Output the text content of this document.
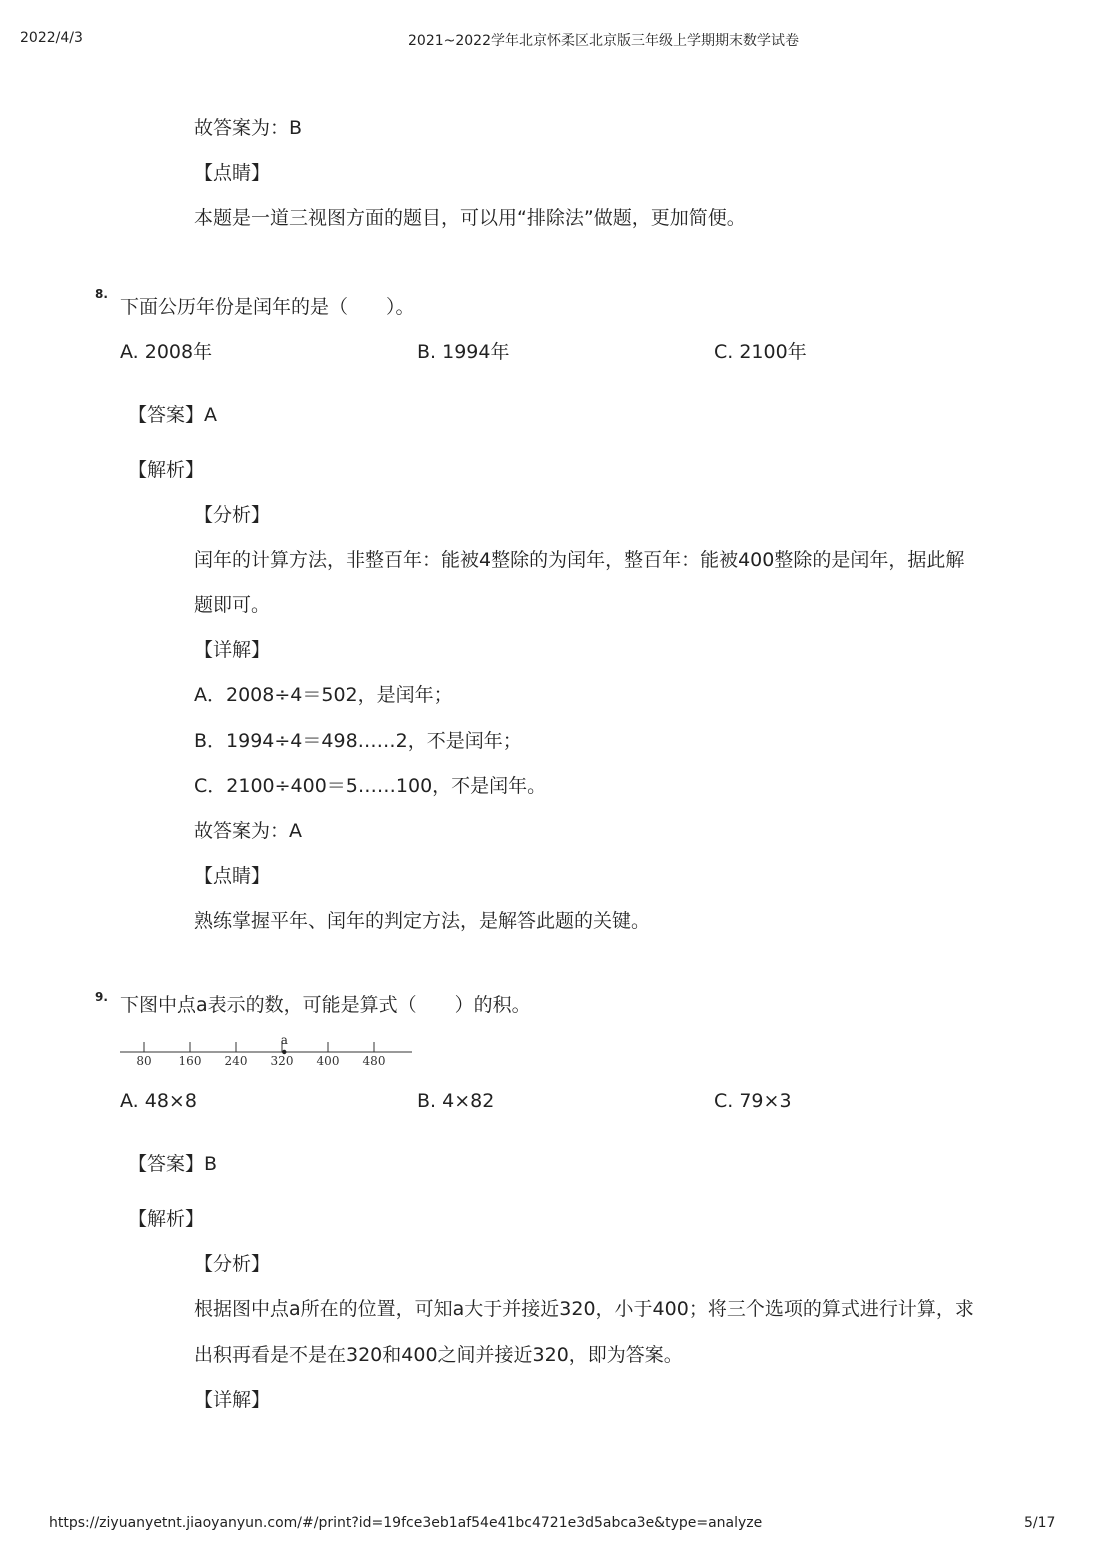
2022/4/3	2021~2022学年北京怀柔区北京版三年级上学期期末数学试卷
故答案为：B
【点睛】
本题是一道三视图方面的题目，可以用“排除法”做题，更加简便。
8.
下面公历年份是闰年的是（　　）。
A. 2008年	B. 1994年	C. 2100年
【答案】A
【解析】
【分析】
闰年的计算方法，非整百年：能被4整除的为闰年，整百年：能被400整除的是闰年，据此解
题即可。
【详解】
A．2008÷4＝502，是闰年；
B．1994÷4＝498……2，不是闰年；
C．2100÷400＝5……100，不是闰年。
故答案为：A
【点睛】
熟练掌握平年、闰年的判定方法，是解答此题的关键。
9. 下图中点a表示的数，可能是算式（　　）的积。
80 160 240 320 400 480
a
A. 48×8	B. 4×82	C. 79×3
【答案】B
【解析】
【分析】
根据图中点a所在的位置，可知a大于并接近320，小于400；将三个选项的算式进行计算，求
出积再看是不是在320和400之间并接近320，即为答案。
【详解】
https://ziyuanyetnt.jiaoyanyun.com/#/print?id=19fce3eb1af54e41bc4721e3d5abca3e&type=analyze	5/17
